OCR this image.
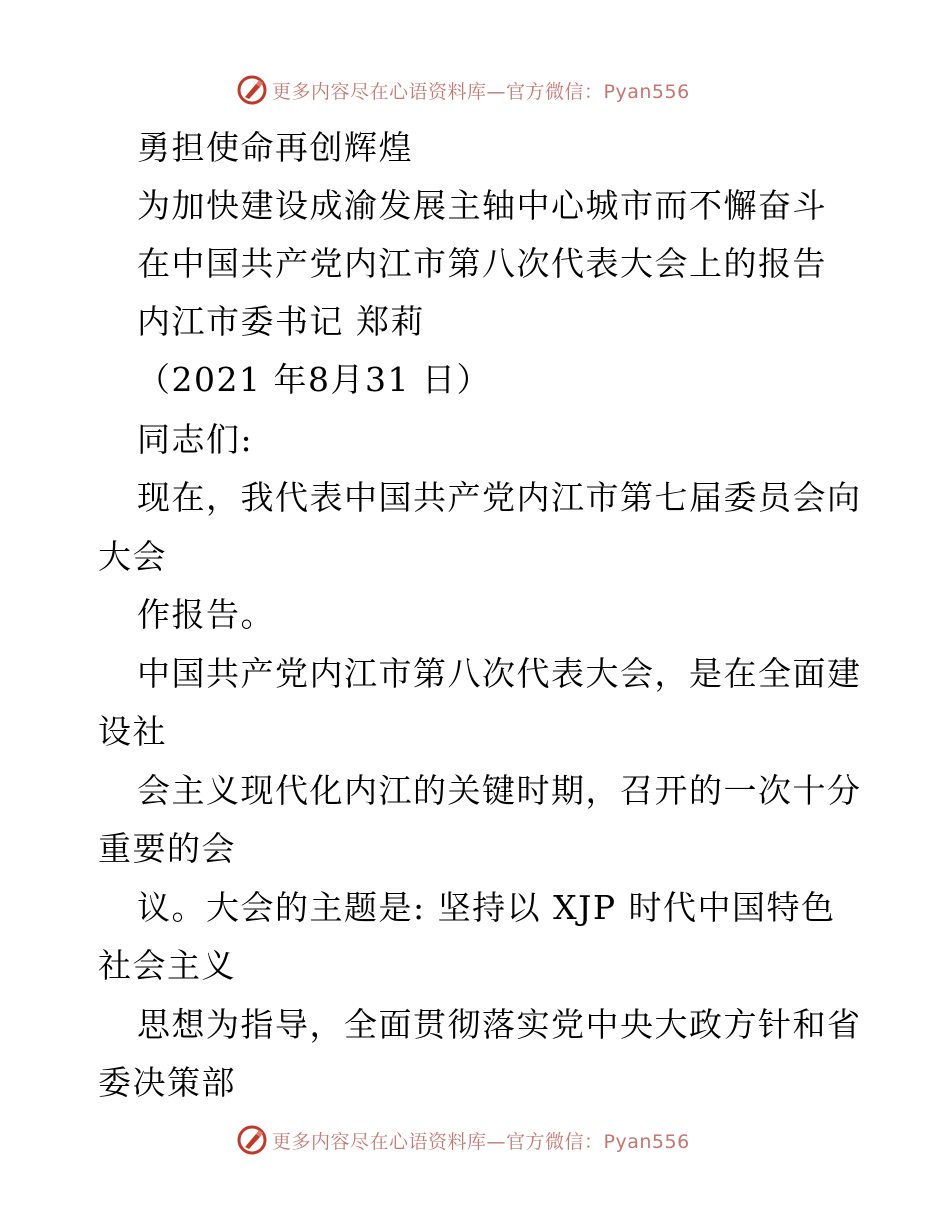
更多内容尽在心语资料库—官方微信：Pyan556
勇担使命再创辉煌
为加快建设成渝发展主轴中心城市而不懈奋斗
在中国共产党内江市第八次代表大会上的报告
内江市委书记 郑莉
（2021 年8月31 日）
同志们:
现在，我代表中国共产党内江市第七届委员会向
大会
作报告。
中国共产党内江市第八次代表大会，是在全面建
设社
会主义现代化内江的关键时期，召开的一次十分
重要的会
议。大会的主题是: 坚持以 XJP 时代中国特色
社会主义
思想为指导，全面贯彻落实党中央大政方针和省
委决策部
更多内容尽在心语资料库—官方微信：Pyan556
